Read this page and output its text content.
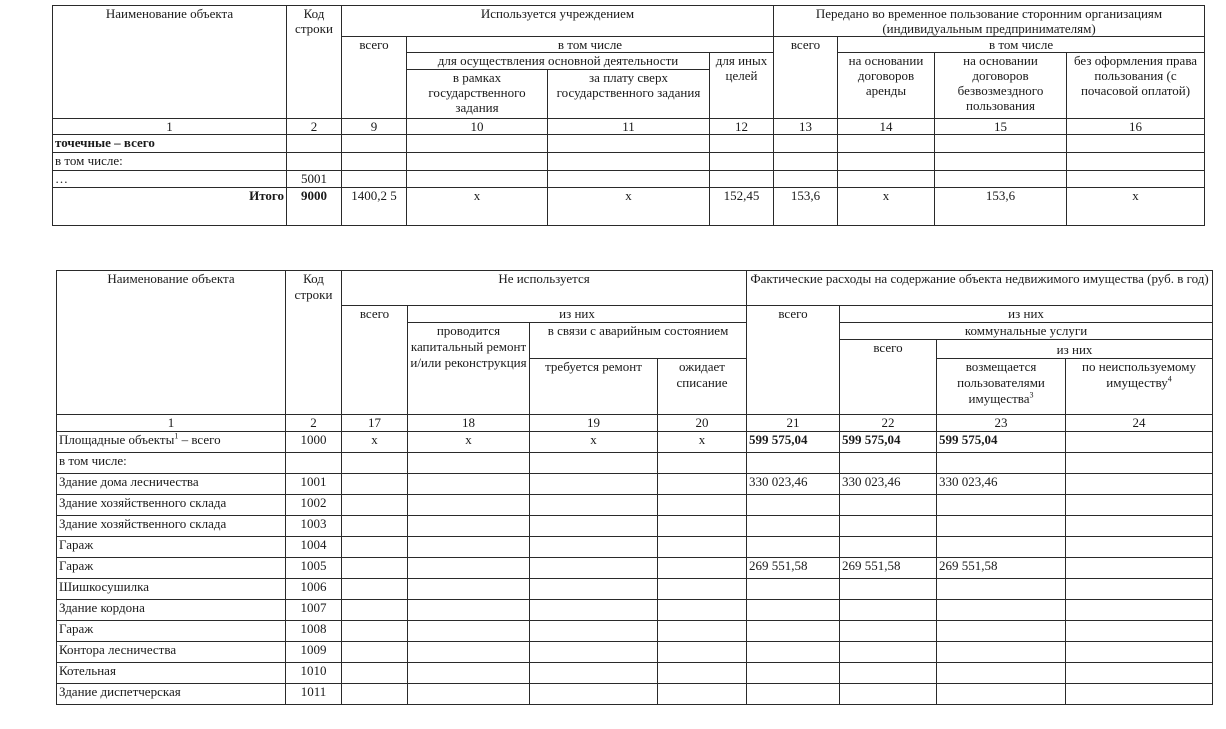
Наименование объекта	Код строки	Используется учреждением				Передано во временное пользование сторонним организациям (индивидуальным предпринимателям)			
		всего	в том числе			всего	в том числе		
			для осуществления основной деятельности		для иных целей		на основании договоров аренды	на основании договоров безвозмездного пользования	без оформления права пользования (с почасовой оплатой)
			в рамках государственного задания	за плату сверх государственного задания					

1	2	9	10	11	12	13	14	15	16
точечные – всего									
в том числе:									
…	5001								
Итого	9000	1400,2 5	х	х	152,45	153,6	х	153,6	х
Наименование объекта	Код строки	Не используется				Фактические расходы на содержание объекта недвижимого имущества (руб. в год)			
		всего	из них			всего	из них		
			проводится капитальный ремонт и/или реконструкция	в связи с аварийным состоянием			коммунальные услуги		
							всего	из них	
				требуется ремонт	ожидает списание			возмещается пользователями имущества$^3$	по неиспользуемому имуществу$^4$

1	2	17	18	19	20	21	22	23	24
Площадные объекты$^1$ – всего	1000	х	х	х	х	599 575,04	599 575,04	599 575,04	
в том числе:									
Здание дома лесничества	1001					330 023,46	330 023,46	330 023,46	
Здание хозяйственного склада	1002								
Здание хозяйственного склада	1003								
Гараж	1004								
Гараж	1005					269 551,58	269 551,58	269 551,58	
Шишкосушилка	1006								
Здание кордона	1007								
Гараж	1008								
Контора лесничества	1009								
Котельная	1010								
Здание диспетчерская	1011								
